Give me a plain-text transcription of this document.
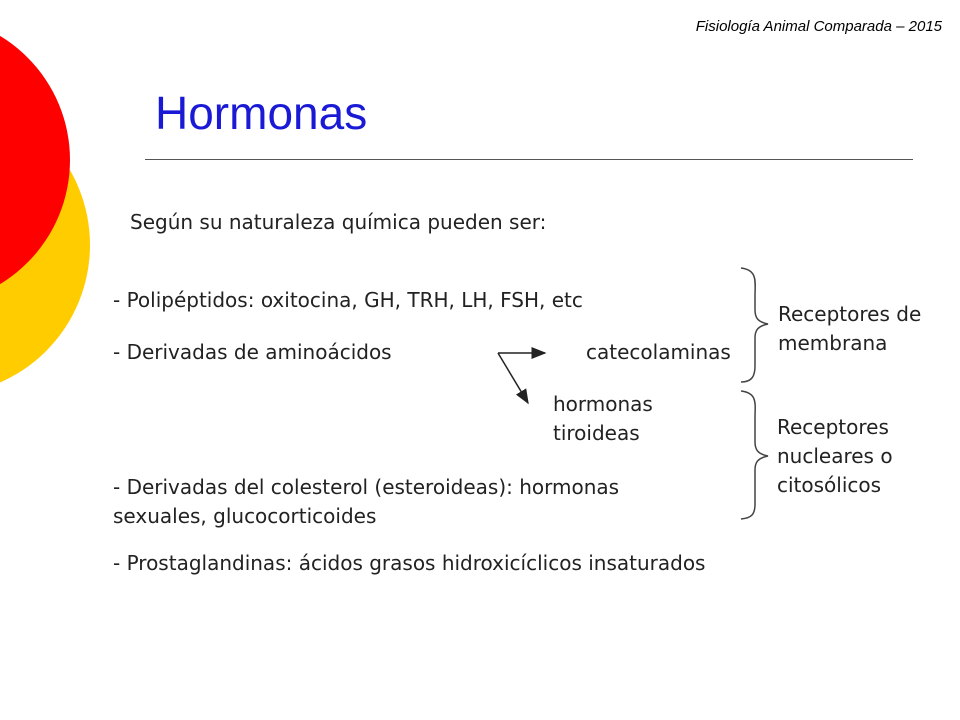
Fisiología Animal Comparada – 2015
Hormonas
Según su naturaleza química pueden ser:
- Polipéptidos: oxitocina, GH, TRH, LH, FSH, etc
- Derivadas de aminoácidos	catecolaminas
hormonas
tiroideas
- Derivadas del colesterol (esteroideas): hormonas
sexuales, glucocorticoides
- Prostaglandinas: ácidos grasos hidroxicíclicos insaturados
Receptores de
membrana
Receptores
nucleares o
citosólicos
